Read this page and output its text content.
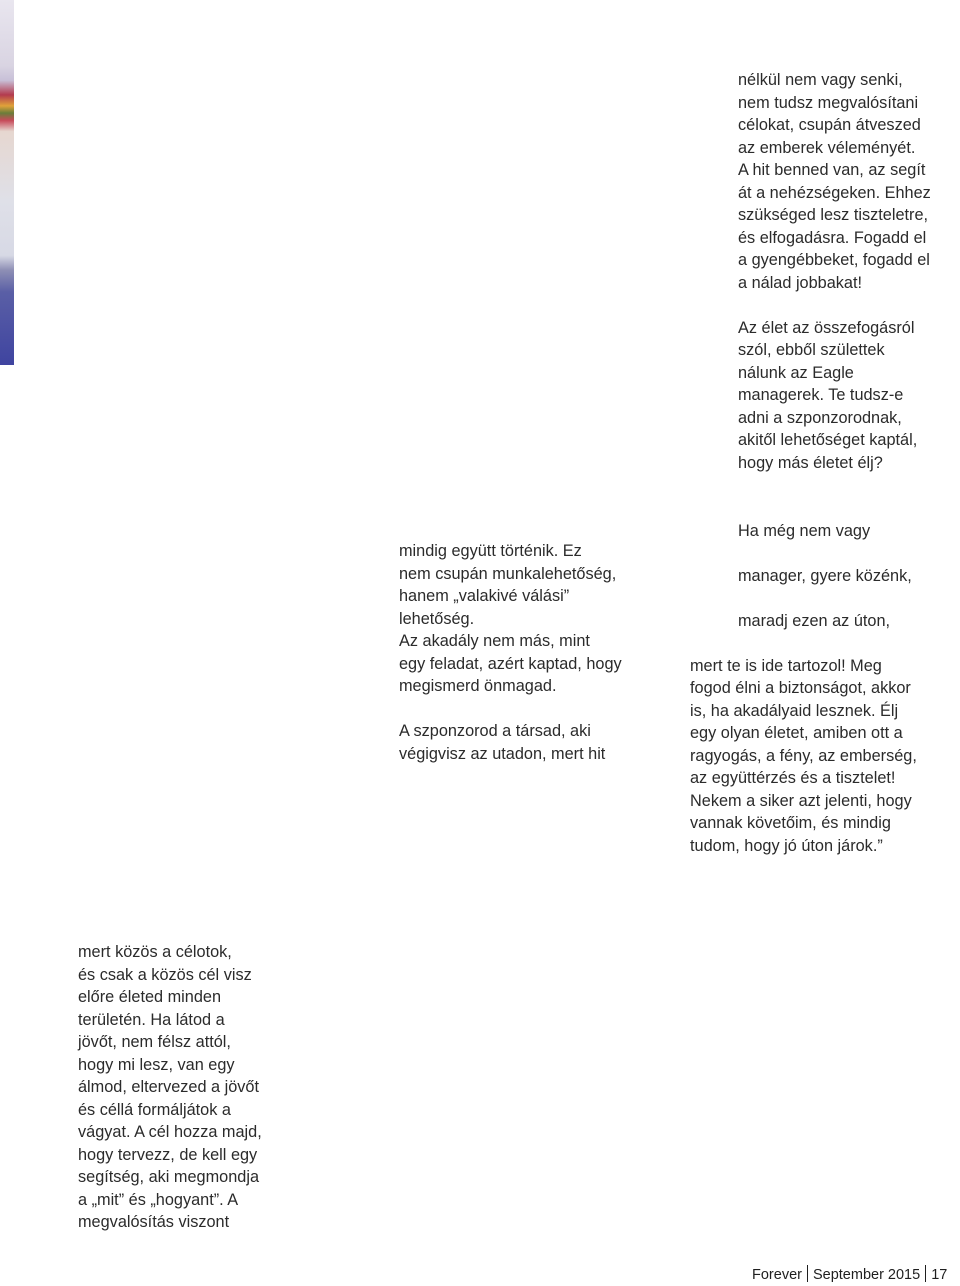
nélkül nem vagy senki,
nem tudsz megvalósítani
célokat, csupán átveszed
az emberek véleményét.
A hit benned van, az segít
át a nehézségeken. Ehhez
szükséged lesz tiszteletre,
és elfogadásra. Fogadd el
a gyengébbeket, fogadd el
a nálad jobbakat!

Az élet az összefogásról
szól, ebből születtek
nálunk az Eagle
managerek. Te tudsz-e
adni a szponzorodnak,
akitől lehetőséget kaptál,
hogy más életet élj?

mindig együtt történik. Ez
nem csupán munkalehetőség,
hanem „valakivé válási”
lehetőség.
Az akadály nem más, mint
egy feladat, azért kaptad, hogy
megismerd önmagad.

A szponzorod a társad, aki
végigvisz az utadon, mert hit

Ha még nem vagy

manager, gyere közénk,

maradj ezen az úton,

mert te is ide tartozol! Meg
fogod élni a biztonságot, akkor
is, ha akadályaid lesznek. Élj
egy olyan életet, amiben ott a
ragyogás, a fény, az emberség,
az együttérzés és a tisztelet!
Nekem a siker azt jelenti, hogy
vannak követőim, és mindig
tudom, hogy jó úton járok.”

mert közös a célotok,
és csak a közös cél visz
előre életed minden
területén. Ha látod a
jövőt, nem félsz attól,
hogy mi lesz, van egy
álmod, eltervezed a jövőt
és céllá formáljátok a
vágyat. A cél hozza majd,
hogy tervezz, de kell egy
segítség, aki megmondja
a „mit” és „hogyant”. A
megvalósítás viszont

Forever September 2015 17
